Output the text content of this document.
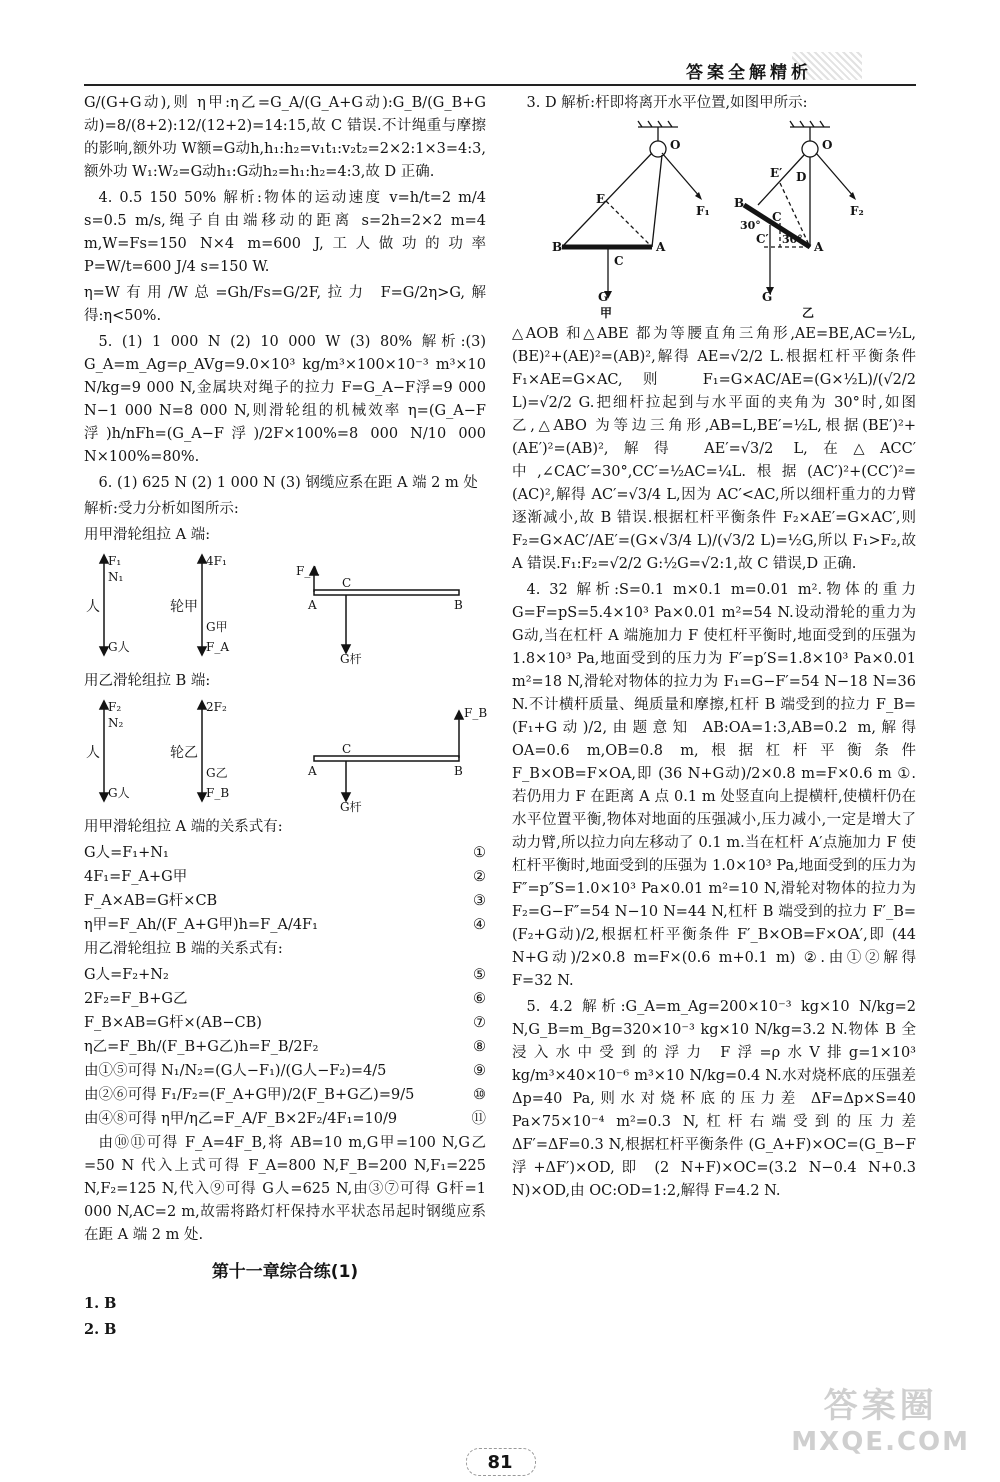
答案全解精析

G/(G+G动),则 η甲:η乙=G_A/(G_A+G动):G_B/(G_B+G动)=8/(8+2):12/(12+2)=14:15,故 C 错误.不计绳重与摩擦的影响,额外功 W额=G动h,h₁:h₂=v₁t₁:v₂t₂=2×2:1×3=4:3,额外功 W₁:W₂=G动h₁:G动h₂=h₁:h₂=4:3,故 D 正确.

4. 0.5 150 50% 解析:物体的运动速度 v=h/t=2 m/4 s=0.5 m/s,绳子自由端移动的距离 s=2h=2×2 m=4 m,W=Fs=150 N×4 m=600 J,工人做功的功率 P=W/t=600 J/4 s=150 W.

η=W有用/W总=Gh/Fs=G/2F,拉力 F=G/2η>G,解得:η<50%.

5. (1) 1 000 N (2) 10 000 W (3) 80% 解析:(3) G_A=m_Ag=ρ_AVg=9.0×10³ kg/m³×100×10⁻³ m³×10 N/kg=9 000 N,金属块对绳子的拉力 F=G_A−F浮=9 000 N−1 000 N=8 000 N,则滑轮组的机械效率 η=(G_A−F浮)h/nFh=(G_A−F浮)/2F×100%=8 000 N/10 000 N×100%=80%.

6. (1) 625 N (2) 1 000 N (3) 钢缆应系在距 A 端 2 m 处

解析:受力分析如图所示:

用甲滑轮组拉 A 端:

F₁
N₁
人
G人
轮甲
4F₁
G甲
F_A
F_A
C
A	B
G杆

用乙滑轮组拉 B 端:

F₂
N₂
人
G人
轮乙
2F₂
G乙
F_B
F_B
C
A	B
G杆

用甲滑轮组拉 A 端的关系式有:

G人=F₁+N₁	①
4F₁=F_A+G甲	②
F_A×AB=G杆×CB	③
η甲=F_Ah/(F_A+G甲)h=F_A/4F₁	④

用乙滑轮组拉 B 端的关系式有:

G人=F₂+N₂	⑤
2F₂=F_B+G乙	⑥
F_B×AB=G杆×(AB−CB)	⑦
η乙=F_Bh/(F_B+G乙)h=F_B/2F₂	⑧
由①⑤可得 N₁/N₂=(G人−F₁)/(G人−F₂)=4/5	⑨
由②⑥可得 F₁/F₂=(F_A+G甲)/2(F_B+G乙)=9/5	⑩
由④⑧可得 η甲/η乙=F_A/F_B×2F₂/4F₁=10/9	⑪

由⑩⑪可得 F_A=4F_B,将 AB=10 m,G甲=100 N,G乙=50 N 代入上式可得 F_A=800 N,F_B=200 N,F₁=225 N,F₂=125 N,代入⑨可得 G人=625 N,由③⑦可得 G杆=1 000 N,AC=2 m,故需将路灯杆保持水平状态吊起时钢缆应系在距 A 端 2 m 处.

第十一章综合练(1)

1. B

2. B

3. D 解析:杆即将离开水平位置,如图甲所示:

O
E
F₁
B
C
A
G
甲
O
E′ D
F₂
B
C
C′
A
30°
30°
G
乙

△AOB 和△ABE 都为等腰直角三角形,AE=BE,AC=½L,(BE)²+(AE)²=(AB)²,解得 AE=√2/2 L.根据杠杆平衡条件 F₁×AE=G×AC,则 F₁=G×AC/AE=(G×½L)/(√2/2 L)=√2/2 G.把细杆拉起到与水平面的夹角为 30°时,如图乙,△ABO 为等边三角形,AB=L,BE′=½L,根据(BE′)²+(AE′)²=(AB)²,解得 AE′=√3/2 L,在△ACC′中,∠CAC′=30°,CC′=½AC=¼L.根据(AC′)²+(CC′)²=(AC)²,解得 AC′=√3/4 L,因为 AC′<AC,所以细杆重力的力臂逐渐减小,故 B 错误.根据杠杆平衡条件 F₂×AE′=G×AC′,则 F₂=G×AC′/AE′=(G×√3/4 L)/(√3/2 L)=½G,所以 F₁>F₂,故 A 错误.F₁:F₂=√2/2 G:½G=√2:1,故 C 错误,D 正确.

4. 32 解析:S=0.1 m×0.1 m=0.01 m².物体的重力 G=F=pS=5.4×10³ Pa×0.01 m²=54 N.设动滑轮的重力为 G动,当在杠杆 A 端施加力 F 使杠杆平衡时,地面受到的压强为 1.8×10³ Pa,地面受到的压力为 F′=p′S=1.8×10³ Pa×0.01 m²=18 N,滑轮对物体的拉力为 F₁=G−F′=54 N−18 N=36 N.不计横杆质量、绳质量和摩擦,杠杆 B 端受到的拉力 F_B=(F₁+G动)/2,由题意知 AB:OA=1:3,AB=0.2 m,解得 OA=0.6 m,OB=0.8 m,根据杠杆平衡条件 F_B×OB=F×OA,即 (36 N+G动)/2×0.8 m=F×0.6 m ①.若仍用力 F 在距离 A 点 0.1 m 处竖直向上提横杆,使横杆仍在水平位置平衡,物体对地面的压强减小,压力减小,一定是增大了动力臂,所以拉力向左移动了 0.1 m.当在杠杆 A′点施加力 F 使杠杆平衡时,地面受到的压强为 1.0×10³ Pa,地面受到的压力为 F″=p″S=1.0×10³ Pa×0.01 m²=10 N,滑轮对物体的拉力为 F₂=G−F″=54 N−10 N=44 N,杠杆 B 端受到的拉力 F′_B=(F₂+G动)/2,根据杠杆平衡条件 F′_B×OB=F×OA′,即 (44 N+G动)/2×0.8 m=F×(0.6 m+0.1 m) ②.由①②解得 F=32 N.

5. 4.2 解析:G_A=m_Ag=200×10⁻³ kg×10 N/kg=2 N,G_B=m_Bg=320×10⁻³ kg×10 N/kg=3.2 N.物体 B 全浸入水中受到的浮力 F浮=ρ水V排g=1×10³ kg/m³×40×10⁻⁶ m³×10 N/kg=0.4 N.水对烧杯底的压强差 Δp=40 Pa,则水对烧杯底的压力差 ΔF=Δp×S=40 Pa×75×10⁻⁴ m²=0.3 N,杠杆右端受到的压力差 ΔF′=ΔF=0.3 N,根据杠杆平衡条件 (G_A+F)×OC=(G_B−F浮+ΔF′)×OD,即 (2 N+F)×OC=(3.2 N−0.4 N+0.3 N)×OD,由 OC:OD=1:2,解得 F=4.2 N.

81
答案圈
MXQE.COM
